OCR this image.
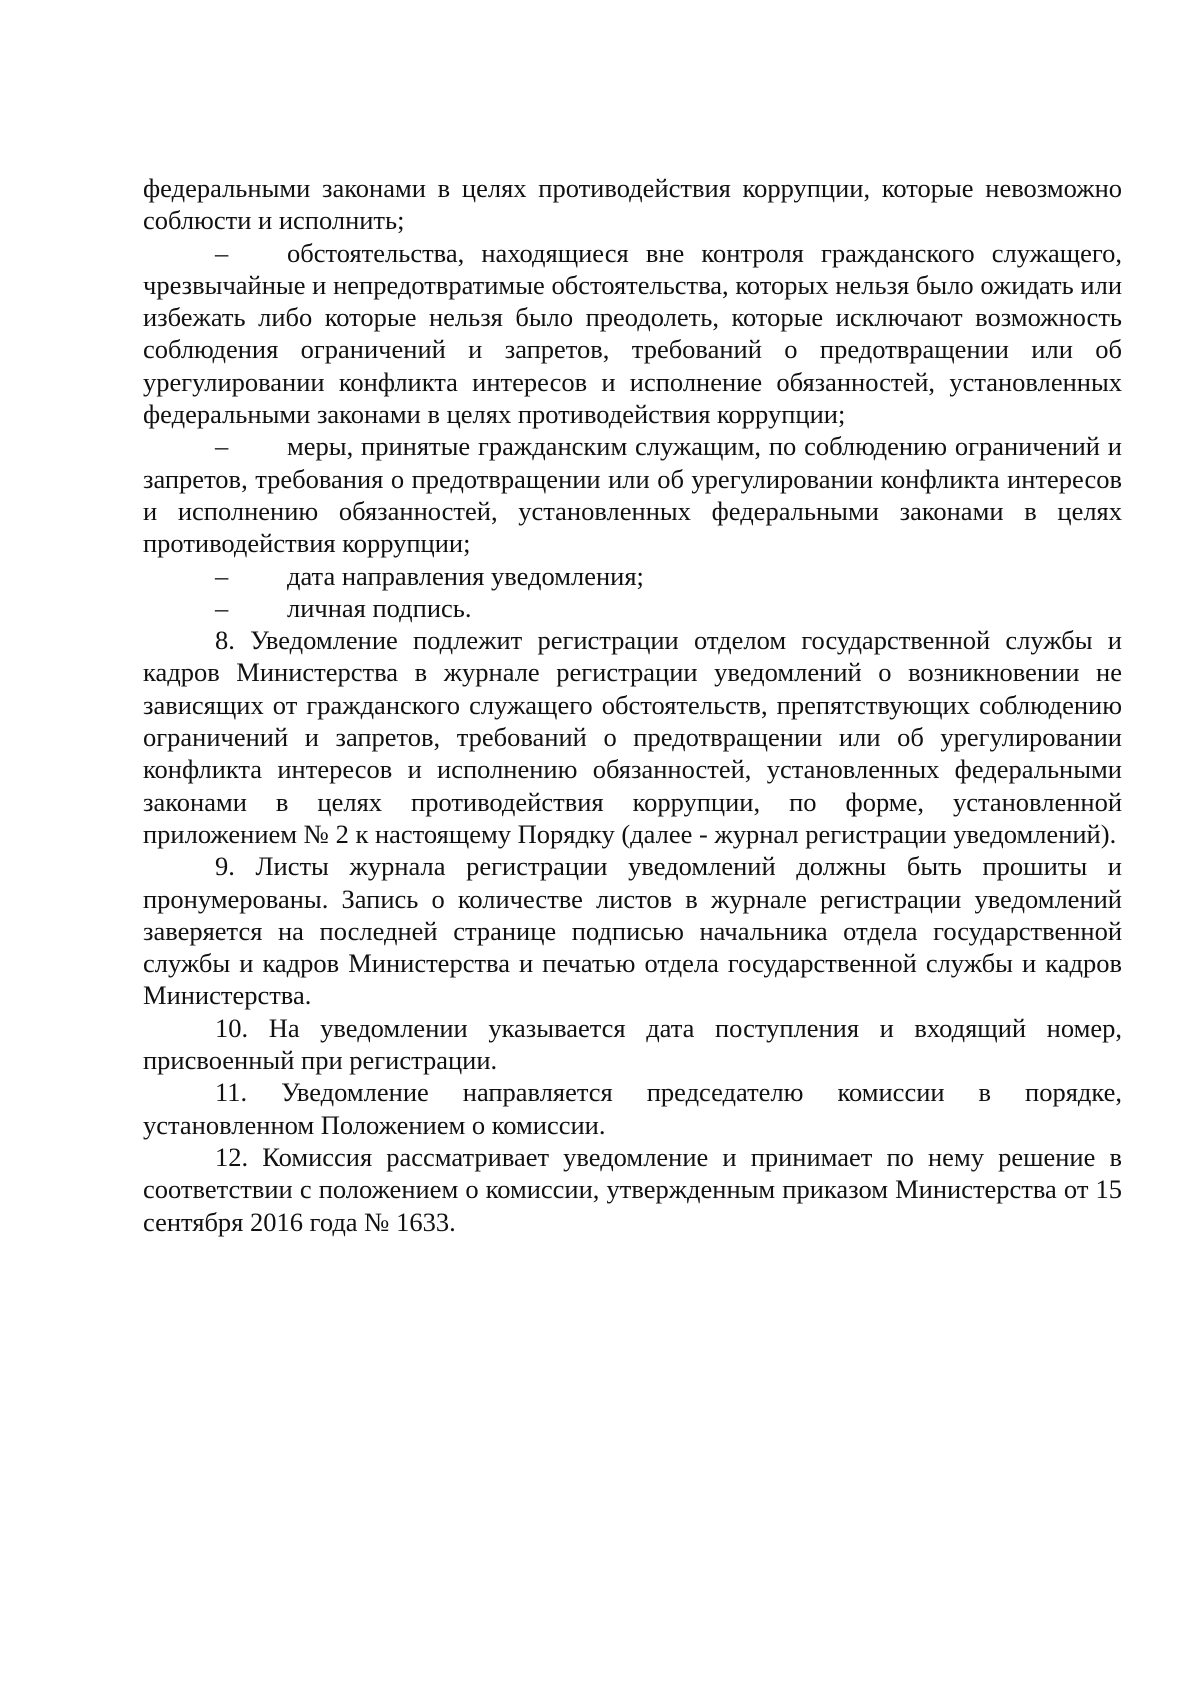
федеральными законами в целях противодействия коррупции, которые невозможно соблюсти и исполнить;

– обстоятельства, находящиеся вне контроля гражданского служащего, чрезвычайные и непредотвратимые обстоятельства, которых нельзя было ожидать или избежать либо которые нельзя было преодолеть, которые исключают возможность соблюдения ограничений и запретов, требований о предотвращении или об урегулировании конфликта интересов и исполнение обязанностей, установленных федеральными законами в целях противодействия коррупции;

– меры, принятые гражданским служащим, по соблюдению ограничений и запретов, требования о предотвращении или об урегулировании конфликта интересов и исполнению обязанностей, установленных федеральными законами в целях противодействия коррупции;

– дата направления уведомления;

– личная подпись.

8. Уведомление подлежит регистрации отделом государственной службы и кадров Министерства в журнале регистрации уведомлений о возникновении не зависящих от гражданского служащего обстоятельств, препятствующих соблюдению ограничений и запретов, требований о предотвращении или об урегулировании конфликта интересов и исполнению обязанностей, установленных федеральными законами в целях противодействия коррупции, по форме, установленной приложением № 2 к настоящему Порядку (далее - журнал регистрации уведомлений).

9. Листы журнала регистрации уведомлений должны быть прошиты и пронумерованы. Запись о количестве листов в журнале регистрации уведомлений заверяется на последней странице подписью начальника отдела государственной службы и кадров Министерства и печатью отдела государственной службы и кадров Министерства.

10. На уведомлении указывается дата поступления и входящий номер, присвоенный при регистрации.

11. Уведомление направляется председателю комиссии в порядке, установленном Положением о комиссии.

12. Комиссия рассматривает уведомление и принимает по нему решение в соответствии с положением о комиссии, утвержденным приказом Министерства от 15 сентября 2016 года № 1633.
